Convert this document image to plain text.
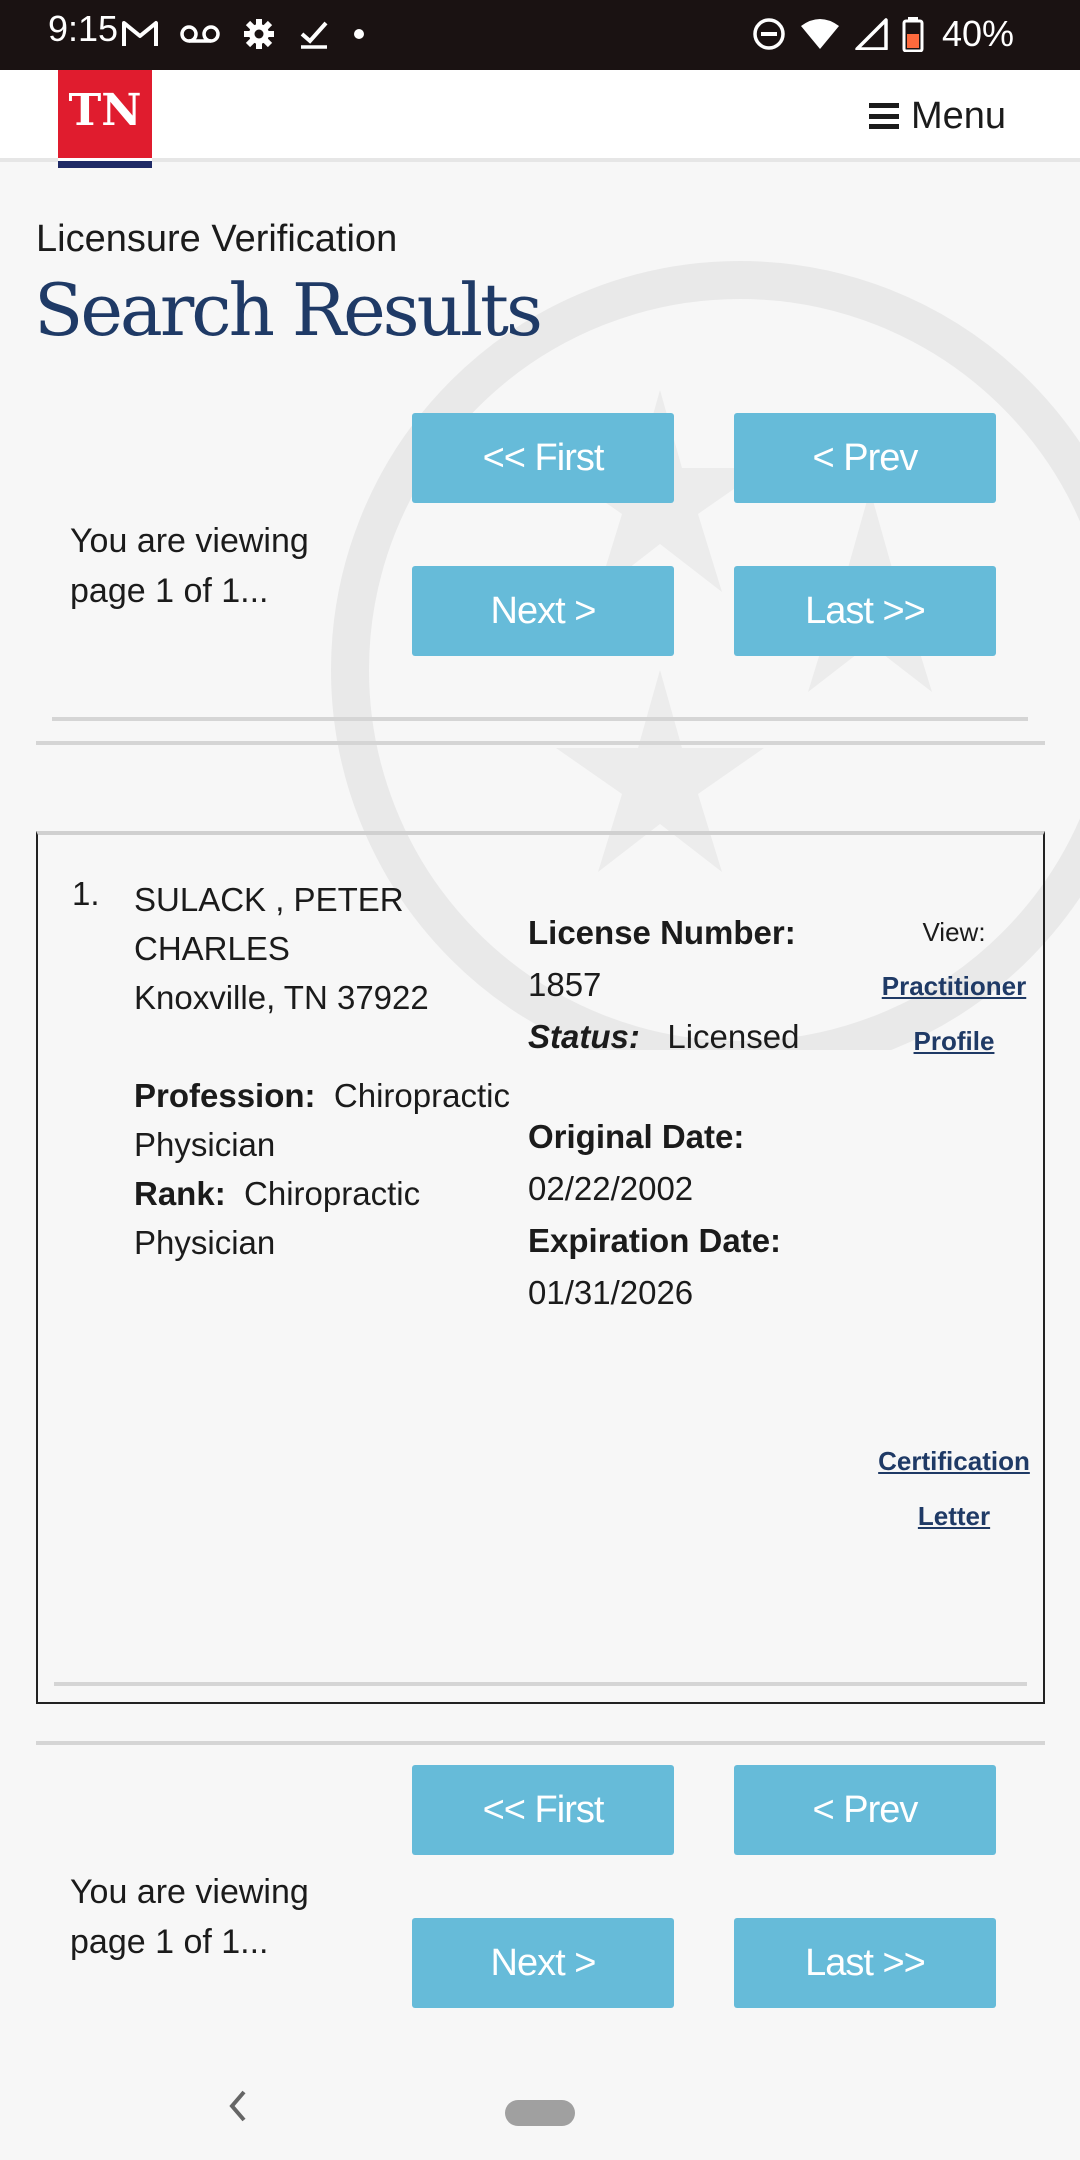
9:15	40%
TN	Menu
Licensure Verification
Search Results
You are viewing page 1 of 1...
<< First	< Prev
Next >	Last >>
1. SULACK , PETER
CHARLES
Knoxville, TN 37922
Profession: Chiropractic Physician
Rank: Chiropractic Physician
License Number:
1857
Status: Licensed
Original Date:
02/22/2002
Expiration Date:
01/31/2026
View:
Practitioner
Profile
Certification
Letter
You are viewing page 1 of 1...
<< First	< Prev
Next >	Last >>
